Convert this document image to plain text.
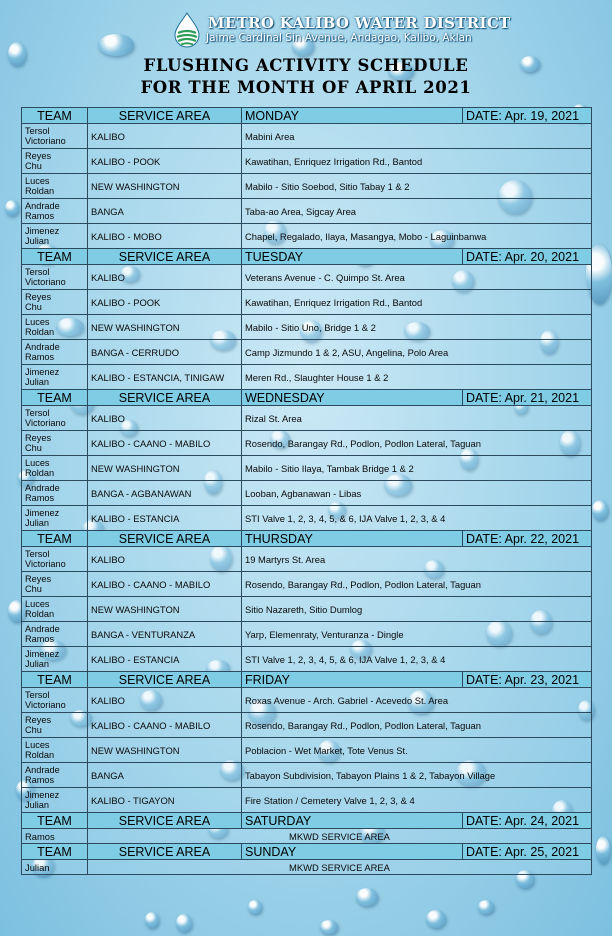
METRO KALIBO WATER DISTRICT
Jaime Cardinal Sin Avenue, Andagao, Kalibo, Aklan
FLUSHING ACTIVITY SCHEDULE
FOR THE MONTH OF APRIL 2021
TEAM	SERVICE AREA	MONDAY	DATE: Apr. 19, 2021
Tersol
Victoriano	KALIBO	Mabini Area	
Reyes
Chu	KALIBO - POOK	Kawatihan, Enriquez Irrigation Rd., Bantod	
Luces
Roldan	NEW WASHINGTON	Mabilo - Sitio Soebod, Sitio Tabay 1 & 2	
Andrade
Ramos	BANGA	Taba-ao Area, Sigcay Area	
Jimenez
Julian	KALIBO - MOBO	Chapel, Regalado, Ilaya, Masangya, Mobo - Laguinbanwa	
TEAM	SERVICE AREA	TUESDAY	DATE: Apr. 20, 2021
Tersol
Victoriano	KALIBO	Veterans Avenue - C. Quimpo St. Area	
Reyes
Chu	KALIBO - POOK	Kawatihan, Enriquez Irrigation Rd., Bantod	
Luces
Roldan	NEW WASHINGTON	Mabilo - Sitio Uno, Bridge 1 & 2	
Andrade
Ramos	BANGA - CERRUDO	Camp Jizmundo 1 & 2, ASU, Angelina, Polo Area	
Jimenez
Julian	KALIBO - ESTANCIA, TINIGAW	Meren Rd., Slaughter House 1 & 2	
TEAM	SERVICE AREA	WEDNESDAY	DATE: Apr. 21, 2021
Tersol
Victoriano	KALIBO	Rizal St. Area	
Reyes
Chu	KALIBO - CAANO - MABILO	Rosendo, Barangay Rd., Podlon, Podlon Lateral, Taguan	
Luces
Roldan	NEW WASHINGTON	Mabilo - Sitio Ilaya, Tambak Bridge 1 & 2	
Andrade
Ramos	BANGA - AGBANAWAN	Looban, Agbanawan - Libas	
Jimenez
Julian	KALIBO - ESTANCIA	STI Valve 1, 2, 3, 4, 5, & 6, IJA Valve 1, 2, 3, & 4	
TEAM	SERVICE AREA	THURSDAY	DATE: Apr. 22, 2021
Tersol
Victoriano	KALIBO	19 Martyrs St. Area	
Reyes
Chu	KALIBO - CAANO - MABILO	Rosendo, Barangay Rd., Podlon, Podlon Lateral, Taguan	
Luces
Roldan	NEW WASHINGTON	Sitio Nazareth, Sitio Dumlog	
Andrade
Ramos	BANGA - VENTURANZA	Yarp, Elemenraty, Venturanza - Dingle	
Jimenez
Julian	KALIBO - ESTANCIA	STI Valve 1, 2, 3, 4, 5, & 6, IJA Valve 1, 2, 3, & 4	
TEAM	SERVICE AREA	FRIDAY	DATE: Apr. 23, 2021
Tersol
Victoriano	KALIBO	Roxas Avenue - Arch. Gabriel - Acevedo St. Area	
Reyes
Chu	KALIBO - CAANO - MABILO	Rosendo, Barangay Rd., Podlon, Podlon Lateral, Taguan	
Luces
Roldan	NEW WASHINGTON	Poblacion - Wet Market, Tote Venus St.	
Andrade
Ramos	BANGA	Tabayon Subdivision, Tabayon Plains 1 & 2, Tabayon Village	
Jimenez
Julian	KALIBO - TIGAYON	Fire Station / Cemetery Valve 1, 2, 3, & 4	
TEAM	SERVICE AREA	SATURDAY	DATE: Apr. 24, 2021
Ramos	MKWD SERVICE AREA		
TEAM	SERVICE AREA	SUNDAY	DATE: Apr. 25, 2021
Julian	MKWD SERVICE AREA		
